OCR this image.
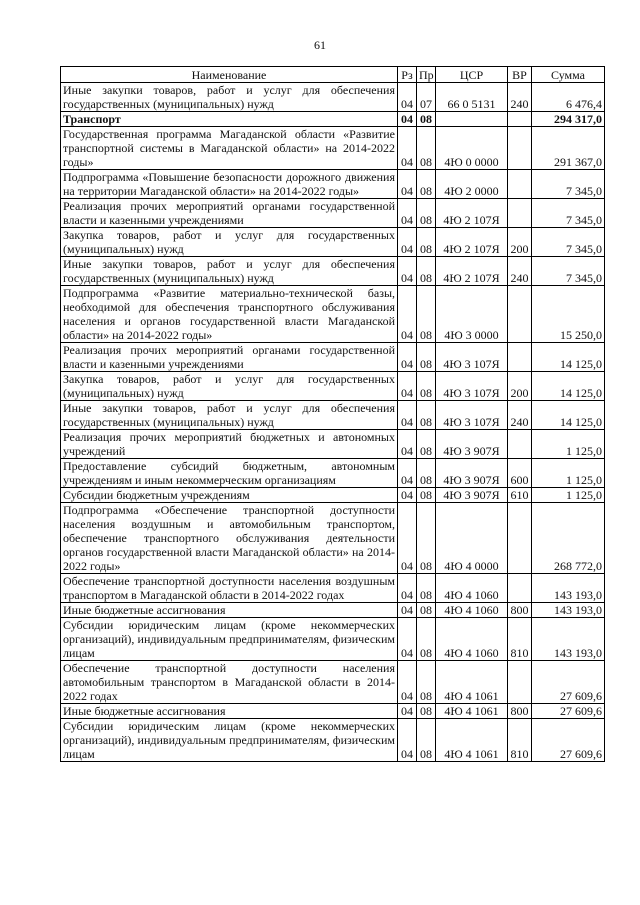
61
Наименование	Рз	Пр	ЦСР	ВР	Сумма
Иные закупки товаров, работ и услуг для обеспечения государственных (муниципальных) нужд	04	07	66 0 5131	240	6 476,4
Транспорт	04	08			294 317,0
Государственная программа Магаданской области «Развитие транспортной системы в Магаданской области» на 2014-2022 годы»	04	08	4Ю 0 0000		291 367,0
Подпрограмма «Повышение безопасности дорожного движения на территории Магаданской области» на 2014-2022 годы»	04	08	4Ю 2 0000		7 345,0
Реализация прочих мероприятий органами государственной власти и казенными учреждениями	04	08	4Ю 2 107Я		7 345,0
Закупка товаров, работ и услуг для государственных (муниципальных) нужд	04	08	4Ю 2 107Я	200	7 345,0
Иные закупки товаров, работ и услуг для обеспечения государственных (муниципальных) нужд	04	08	4Ю 2 107Я	240	7 345,0
Подпрограмма «Развитие материально-технической базы, необходимой для обеспечения транспортного обслуживания населения и органов государственной власти Магаданской области» на 2014-2022 годы»	04	08	4Ю 3 0000		15 250,0
Реализация прочих мероприятий органами государственной власти и казенными учреждениями	04	08	4Ю 3 107Я		14 125,0
Закупка товаров, работ и услуг для государственных (муниципальных) нужд	04	08	4Ю 3 107Я	200	14 125,0
Иные закупки товаров, работ и услуг для обеспечения государственных (муниципальных) нужд	04	08	4Ю 3 107Я	240	14 125,0
Реализация прочих мероприятий бюджетных и автономных учреждений	04	08	4Ю 3 907Я		1 125,0
Предоставление субсидий бюджетным, автономным учреждениям и иным некоммерческим организациям	04	08	4Ю 3 907Я	600	1 125,0
Субсидии бюджетным учреждениям	04	08	4Ю 3 907Я	610	1 125,0
Подпрограмма «Обеспечение транспортной доступности населения воздушным и автомобильным транспортом, обеспечение транспортного обслуживания деятельности органов государственной власти Магаданской области» на 2014-2022 годы»	04	08	4Ю 4 0000		268 772,0
Обеспечение транспортной доступности населения воздушным транспортом в Магаданской области в 2014-2022 годах	04	08	4Ю 4 1060		143 193,0
Иные бюджетные ассигнования	04	08	4Ю 4 1060	800	143 193,0
Субсидии юридическим лицам (кроме некоммерческих организаций), индивидуальным предпринимателям, физическим лицам	04	08	4Ю 4 1060	810	143 193,0
Обеспечение транспортной доступности населения автомобильным транспортом в Магаданской области в 2014-2022 годах	04	08	4Ю 4 1061		27 609,6
Иные бюджетные ассигнования	04	08	4Ю 4 1061	800	27 609,6
Субсидии юридическим лицам (кроме некоммерческих организаций), индивидуальным предпринимателям, физическим лицам	04	08	4Ю 4 1061	810	27 609,6
